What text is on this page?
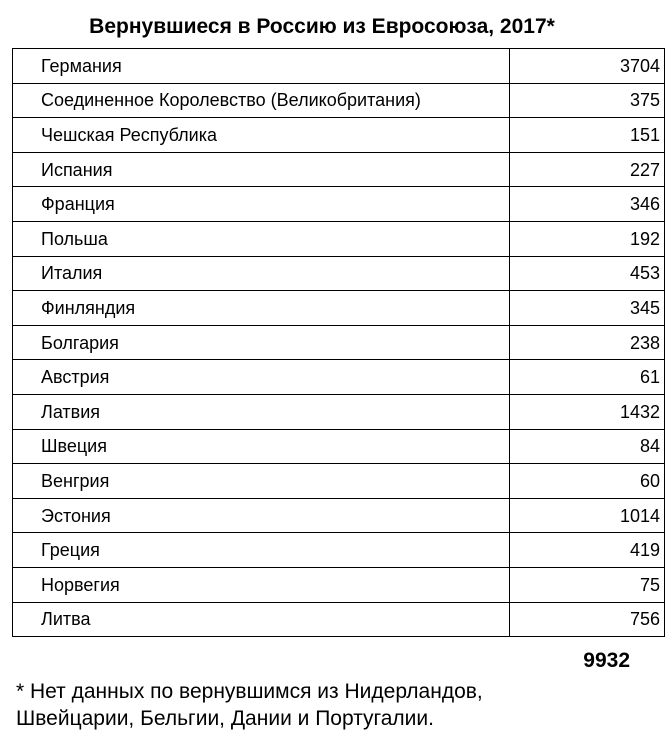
Вернувшиеся в Россию из Евросоюза, 2017*
Германия	3704
Соединенное Королевство (Великобритания)	375
Чешская Республика	151
Испания	227
Франция	346
Польша	192
Италия	453
Финляндия	345
Болгария	238
Австрия	61
Латвия	1432
Швеция	84
Венгрия	60
Эстония	1014
Греция	419
Норвегия	75
Литва	756
9932
* Нет данных по вернувшимся из Нидерландов, Швейцарии, Бельгии, Дании и Португалии.
